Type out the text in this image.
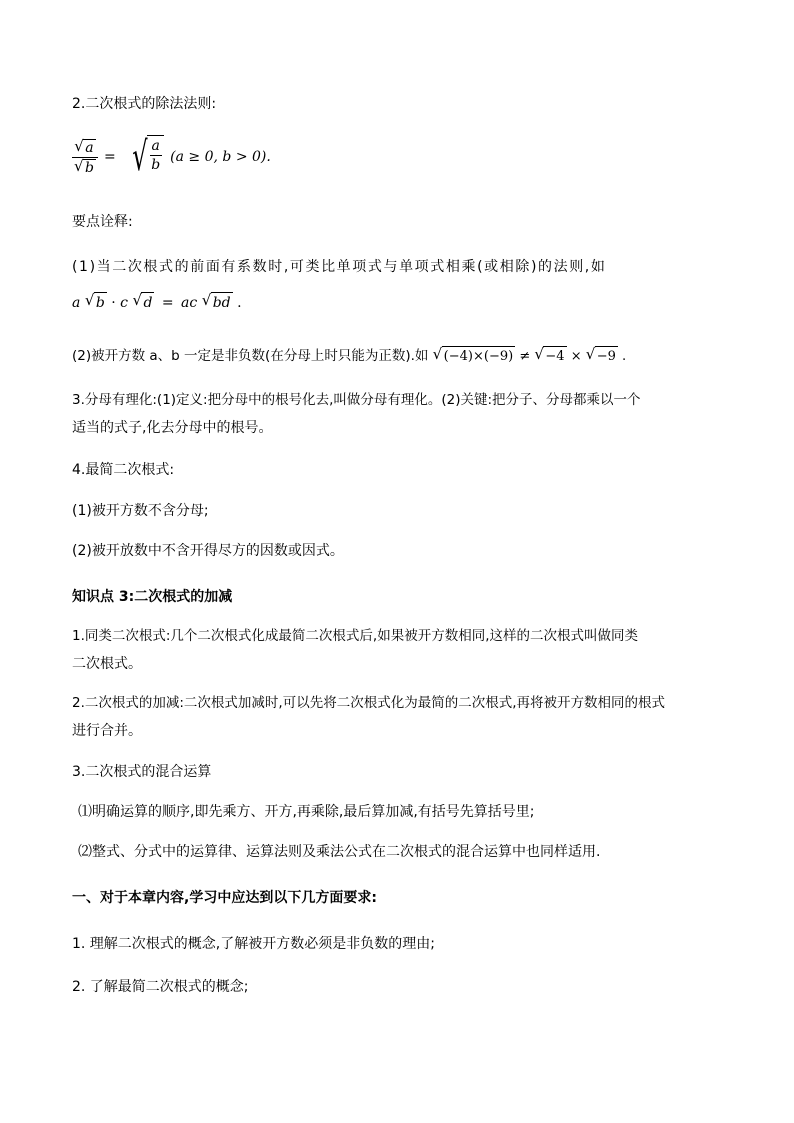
2.二次根式的除法法则:
√ a
√ b = √ $\frac{a}{b} (a \ge 0$, b > 0).
要点诠释:
(1)当二次根式的前面有系数时,可类比单项式与单项式相乘(或相除)的法则,如
a √ b · c √ d = ac √ bd .
(2)被开方数 a、b 一定是非负数(在分母上时只能为正数).如 √ (−4)×(−9) ≠ √ −4 × √ −9 .
3.分母有理化:(1)定义:把分母中的根号化去,叫做分母有理化。(2)关键:把分子、分母都乘以一个
适当的式子,化去分母中的根号。
4.最简二次根式:
(1)被开方数不含分母;
(2)被开放数中不含开得尽方的因数或因式。
知识点 3:二次根式的加减
1.同类二次根式:几个二次根式化成最简二次根式后,如果被开方数相同,这样的二次根式叫做同类
二次根式。
2.二次根式的加减:二次根式加减时,可以先将二次根式化为最简的二次根式,再将被开方数相同的根式
进行合并。
3.二次根式的混合运算
⑴明确运算的顺序,即先乘方、开方,再乘除,最后算加减,有括号先算括号里;
⑵整式、分式中的运算律、运算法则及乘法公式在二次根式的混合运算中也同样适用.
一、对于本章内容,学习中应达到以下几方面要求:
1. 理解二次根式的概念,了解被开方数必须是非负数的理由;
2. 了解最简二次根式的概念;
